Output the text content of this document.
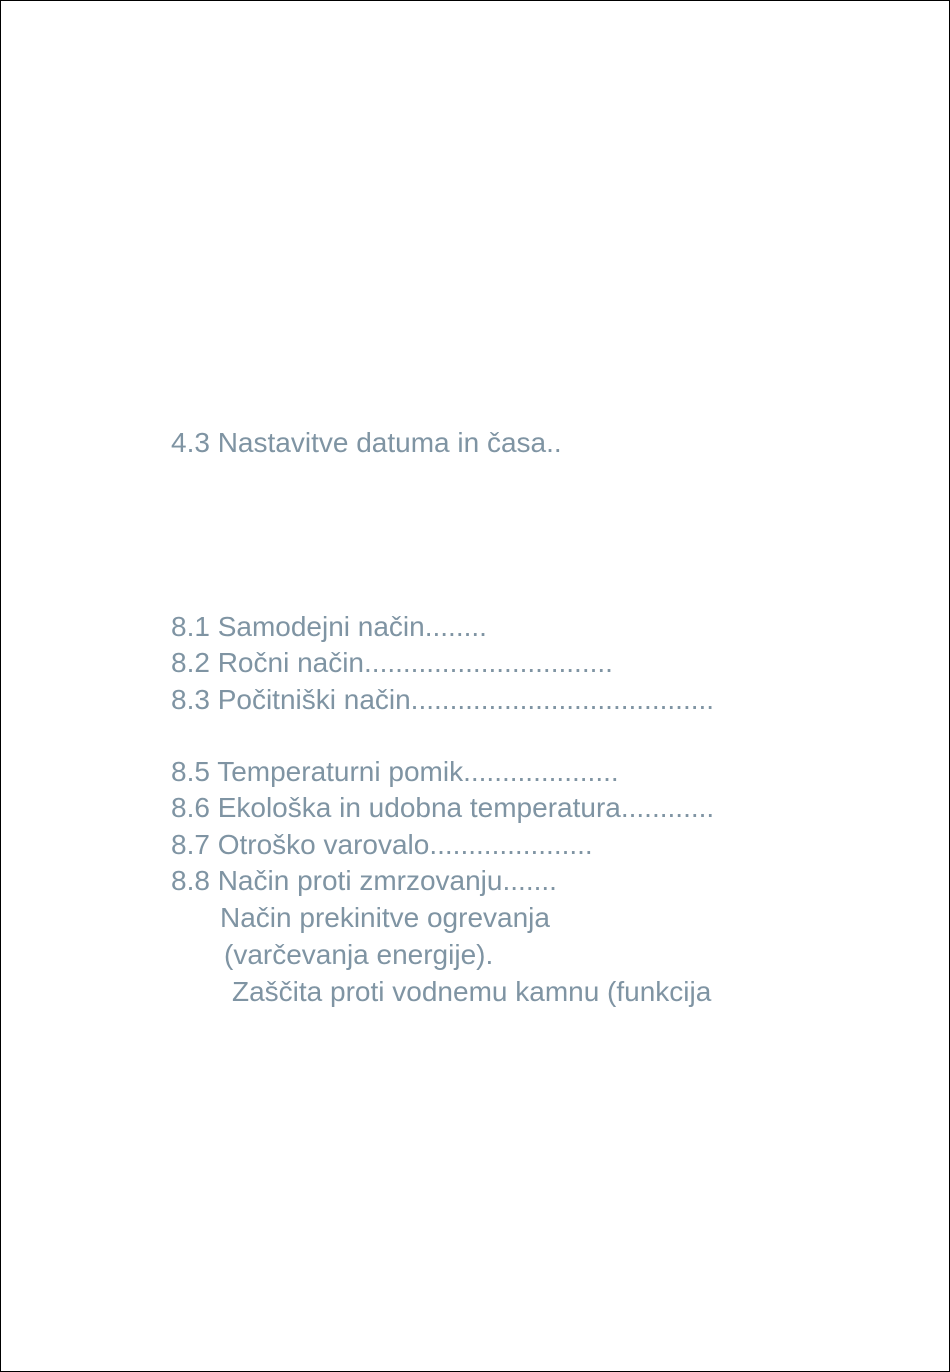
4.3 Nastavitve datuma in časa..
8.1 Samodejni način........
8.2 Ročni način................................
8.3 Počitniški način.......................................
8.5 Temperaturni pomik....................
8.6 Ekološka in udobna temperatura............
8.7 Otroško varovalo.....................
8.8 Način proti zmrzovanju.......
Način prekinitve ogrevanja
(varčevanja energije).
Zaščita proti vodnemu kamnu (funkcija
